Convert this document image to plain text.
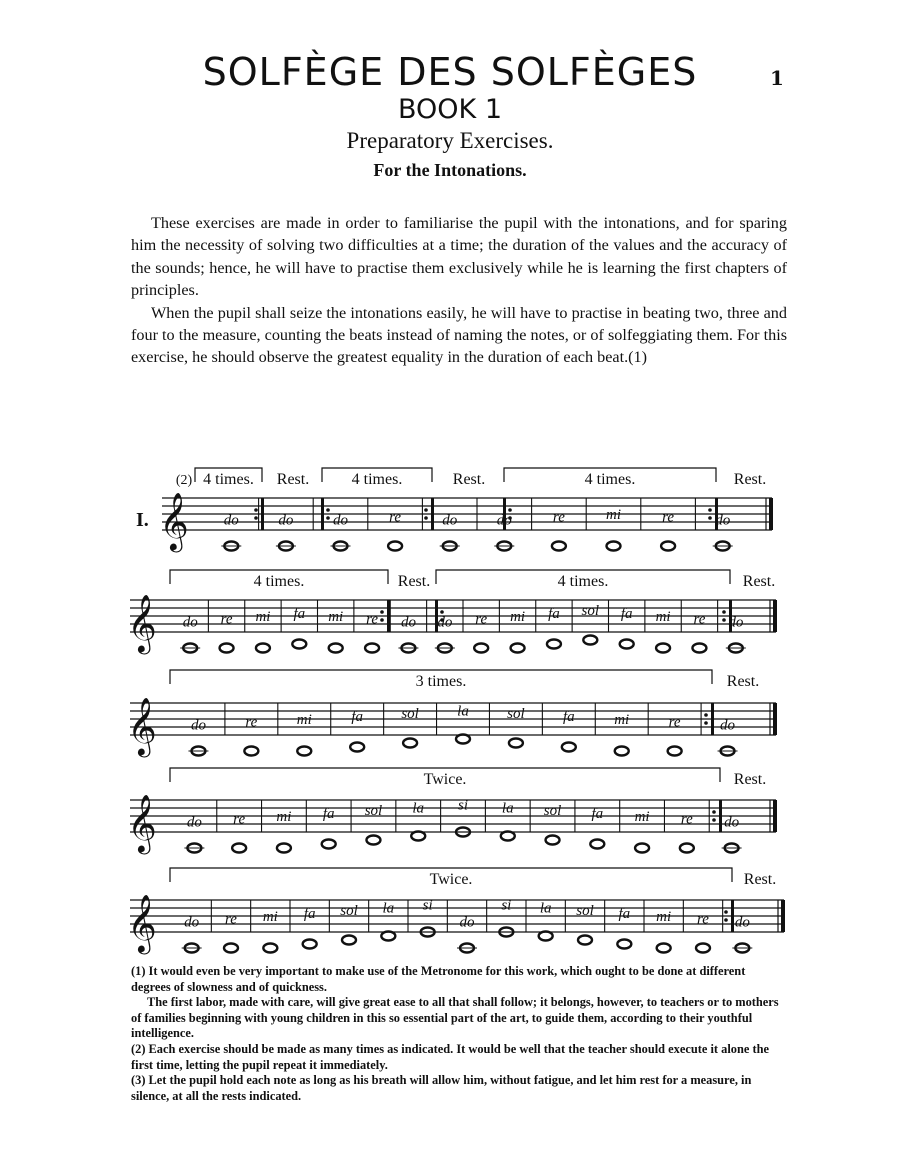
1
SOLFÈGE DES SOLFÈGES
BOOK 1
Preparatory Exercises.
For the Intonations.

These exercises are made in order to familiarise the pupil with the intonations, and for sparing him the necessity of solving two difficulties at a time; the duration of the values and the accuracy of the sounds; hence, he will have to practise them exclusively while he is learning the first chapters of principles.

When the pupil shall seize the intonations easily, he will have to practise in beating two, three and four to the measure, counting the beats instead of naming the notes, or of solfeggiating them. For this exercise, he should observe the greatest equality in the duration of each beat.(1)

𝄞
4 times.	4 times.	4 times.
Rest.	Rest.	Rest.
do	do	do	re	do	do	re	mi	re	do
𝄞
4 times.	4 times.
Rest.	Rest.
do re mi fa mi re do do re mi fa sol fa mi re do
𝄞
3 times.	Rest.
do	re	mi	fa	sol	la	sol	fa	mi	re	do
𝄞
Twice.	Rest.
do re mi fa sol la si la sol fa mi re do
𝄞
Twice.	Rest.
do re mi fa sol la si
do
si la sol fa mi re do
I.
(2)

(1) It would even be very important to make use of the Metronome for this work, which ought to be done at different degrees of slowness and of quickness.

The first labor, made with care, will give great ease to all that shall follow; it belongs, however, to teachers or to mothers of families beginning with young children in this so essential part of the art, to guide them, according to their youthful intelligence.

(2) Each exercise should be made as many times as indicated. It would be well that the teacher should execute it alone the first time, letting the pupil repeat it immediately.

(3) Let the pupil hold each note as long as his breath will allow him, without fatigue, and let him rest for a measure, in silence, at all the rests indicated.
